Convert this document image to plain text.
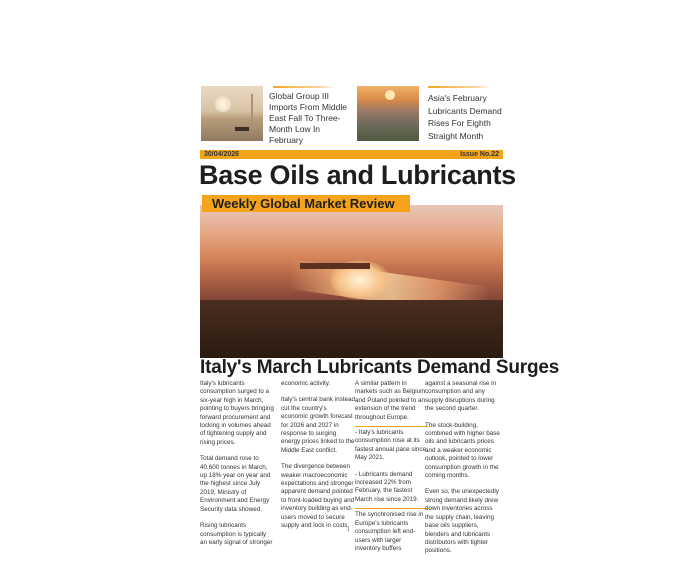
Global Group III Imports From Middle East Fall To Three-Month Low In February
Asia's February Lubricants Demand Rises For Eighth Straight Month
30/04/2026	Issue No.22
Base Oils and Lubricants
Weekly Global Market Review
Italy's March Lubricants Demand Surges

Italy's lubricants consumption surged to a six-year high in March, pointing to buyers bringing forward procurement and locking in volumes ahead of tightening supply and rising prices.

Total demand rose to 40,600 tonnes in March, up 18% year on year and the highest since July 2019, Ministry of Environment and Energy Security data showed.

Rising lubricants consumption is typically an early signal of stronger

economic activity.

Italy's central bank instead cut the country's economic growth forecast for 2026 and 2027 in response to surging energy prices linked to the Middle East conflict.

The divergence between weaker macroeconomic expectations and stronger apparent demand pointed to front-loaded buying and inventory building as end-users moved to secure supply and lock in costs.

A similar pattern in markets such as Belgium and Poland pointed to an extension of the trend throughout Europe.

- Italy's lubricants consumption rose at its fastest annual pace since May 2021.

- Lubricants demand increased 22% from February, the fastest March rise since 2019.

The synchronised rise in Europe's lubricants consumption left end-users with larger inventory buffers

against a seasonal rise in consumption and any supply disruptions during the second quarter.

The stock-building, combined with higher base oils and lubricants prices and a weaker economic outlook, pointed to lower consumption growth in the coming months.

Even so, the unexpectedly strong demand likely drew down inventories across the supply chain, leaving base oils suppliers, blenders and lubricants distributors with tighter positions.

1
